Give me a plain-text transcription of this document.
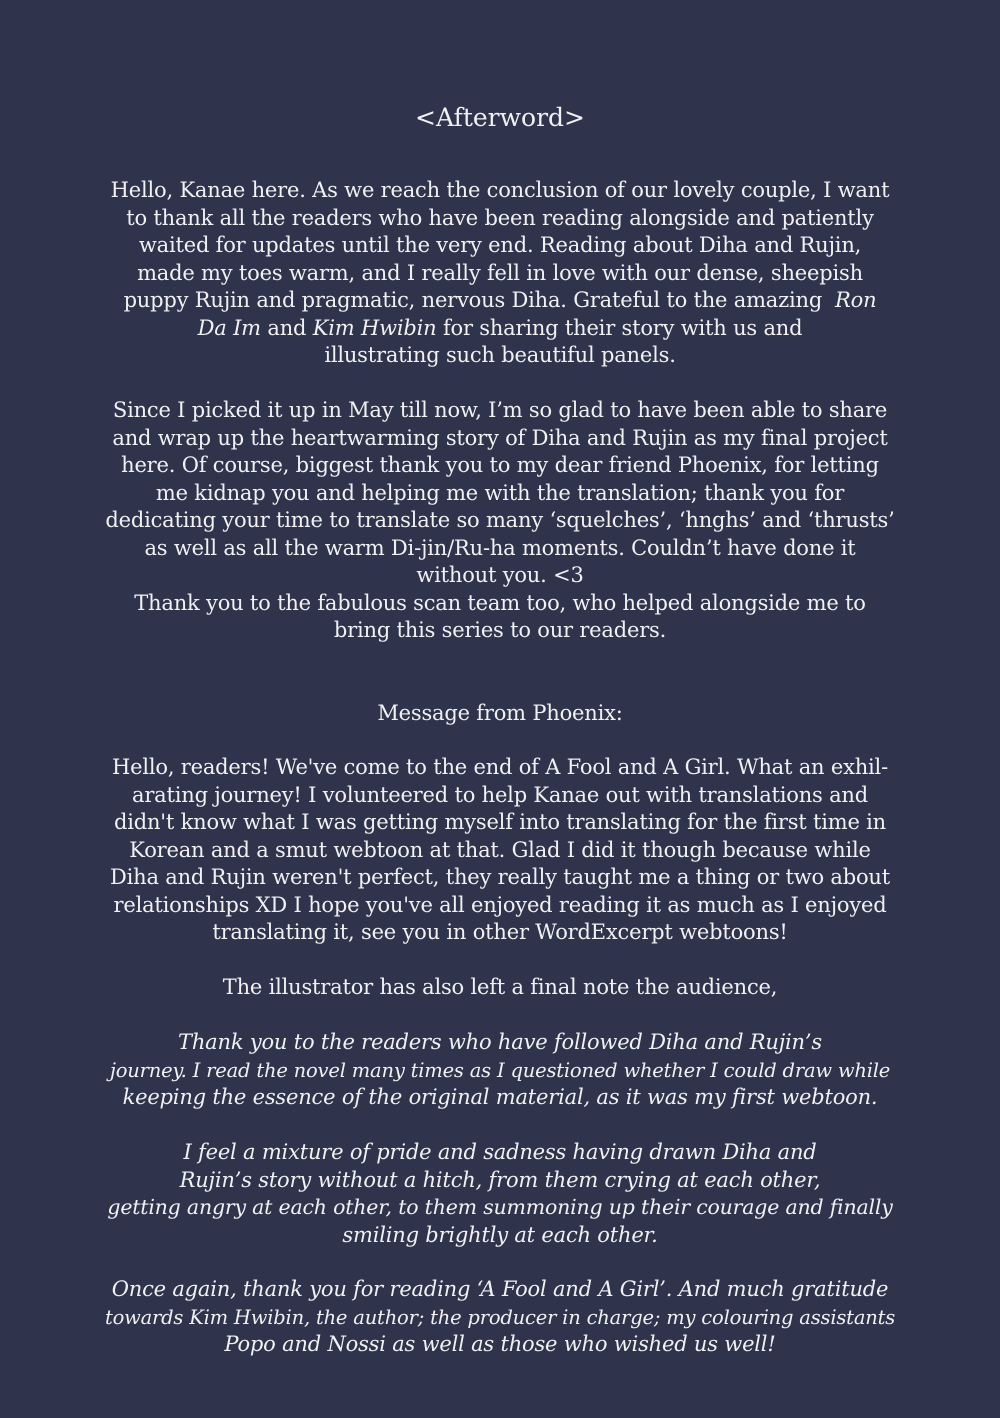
<Afterword>
Hello, Kanae here. As we reach the conclusion of our lovely couple, I want
to thank all the readers who have been reading alongside and patiently
waited for updates until the very end. Reading about Diha and Rujin,
made my toes warm, and I really fell in love with our dense, sheepish
puppy Rujin and pragmatic, nervous Diha. Grateful to the amazing Ron
Da Im and Kim Hwibin for sharing their story with us and
illustrating such beautiful panels.
Since I picked it up in May till now, I’m so glad to have been able to share
and wrap up the heartwarming story of Diha and Rujin as my final project
here. Of course, biggest thank you to my dear friend Phoenix, for letting
me kidnap you and helping me with the translation; thank you for
dedicating your time to translate so many ‘squelches’, ‘hnghs’ and ‘thrusts’
as well as all the warm Di-jin/Ru-ha moments. Couldn’t have done it
without you. <3
Thank you to the fabulous scan team too, who helped alongside me to
bring this series to our readers.
Message from Phoenix:
Hello, readers! We've come to the end of A Fool and A Girl. What an exhil-
arating journey! I volunteered to help Kanae out with translations and
didn't know what I was getting myself into translating for the first time in
Korean and a smut webtoon at that. Glad I did it though because while
Diha and Rujin weren't perfect, they really taught me a thing or two about
relationships XD I hope you've all enjoyed reading it as much as I enjoyed
translating it, see you in other WordExcerpt webtoons!
The illustrator has also left a final note the audience,
Thank you to the readers who have followed Diha and Rujin’s
journey. I read the novel many times as I questioned whether I could draw while
keeping the essence of the original material, as it was my first webtoon.
I feel a mixture of pride and sadness having drawn Diha and
Rujin’s story without a hitch, from them crying at each other,
getting angry at each other, to them summoning up their courage and finally
smiling brightly at each other.
Once again, thank you for reading ‘A Fool and A Girl’. And much gratitude
towards Kim Hwibin, the author; the producer in charge; my colouring assistants
Popo and Nossi as well as those who wished us well!
